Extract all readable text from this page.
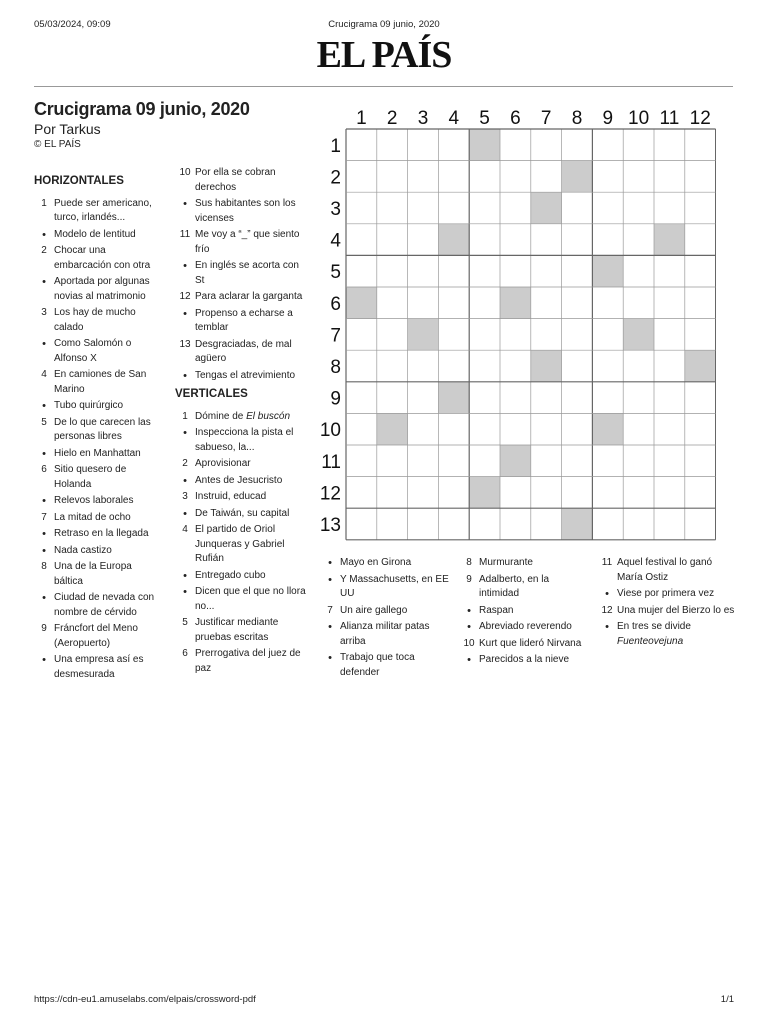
05/03/2024, 09:09	Crucigrama 09 junio, 2020
EL PAÍS
Crucigrama 09 junio, 2020
Por Tarkus
© EL PAÍS
HORIZONTALES
1 Puede ser americano, turco, irlandés...
• Modelo de lentitud
2 Chocar una embarcación con otra
• Aportada por algunas novias al matrimonio
3 Los hay de mucho calado
• Como Salomón o Alfonso X
4 En camiones de San Marino
• Tubo quirúrgico
5 De lo que carecen las personas libres
• Hielo en Manhattan
6 Sitio quesero de Holanda
• Relevos laborales
7 La mitad de ocho
• Retraso en la llegada
• Nada castizo
8 Una de la Europa báltica
• Ciudad de nevada con nombre de cérvido
9 Fráncfort del Meno (Aeropuerto)
• Una empresa así es desmesurada
10 Por ella se cobran derechos
• Sus habitantes son los vicenses
11 Me voy a “_” que siento frío
• En inglés se acorta con St
12 Para aclarar la garganta
• Propenso a echarse a temblar
13 Desgraciadas, de mal agüero
• Tengas el atrevimiento
VERTICALES
1 Dómine de El buscón
• Inspecciona la pista el sabueso, la...
2 Aprovisionar
• Antes de Jesucristo
3 Instruid, educad
• De Taiwán, su capital
4 El partido de Oriol Junqueras y Gabriel Rufián
• Entregado cubo
• Dicen que el que no llora no...
5 Justificar mediante pruebas escritas
6 Prerrogativa del juez de paz
1 2 3 4 5 6 7 8 9 10 11 12
1
2
3
4
5
6
7
8
9
10
11
12
13
• Mayo en Girona
• Y Massachusetts, en EE UU
7 Un aire gallego
• Alianza militar patas arriba
• Trabajo que toca defender
8 Murmurante
9 Adalberto, en la intimidad
• Raspan
• Abreviado reverendo
10 Kurt que lideró Nirvana
• Parecidos a la nieve
11 Aquel festival lo ganó María Ostiz
• Viese por primera vez
12 Una mujer del Bierzo lo es
• En tres se divide Fuenteovejuna
https://cdn-eu1.amuselabs.com/elpais/crossword-pdf	1/1
